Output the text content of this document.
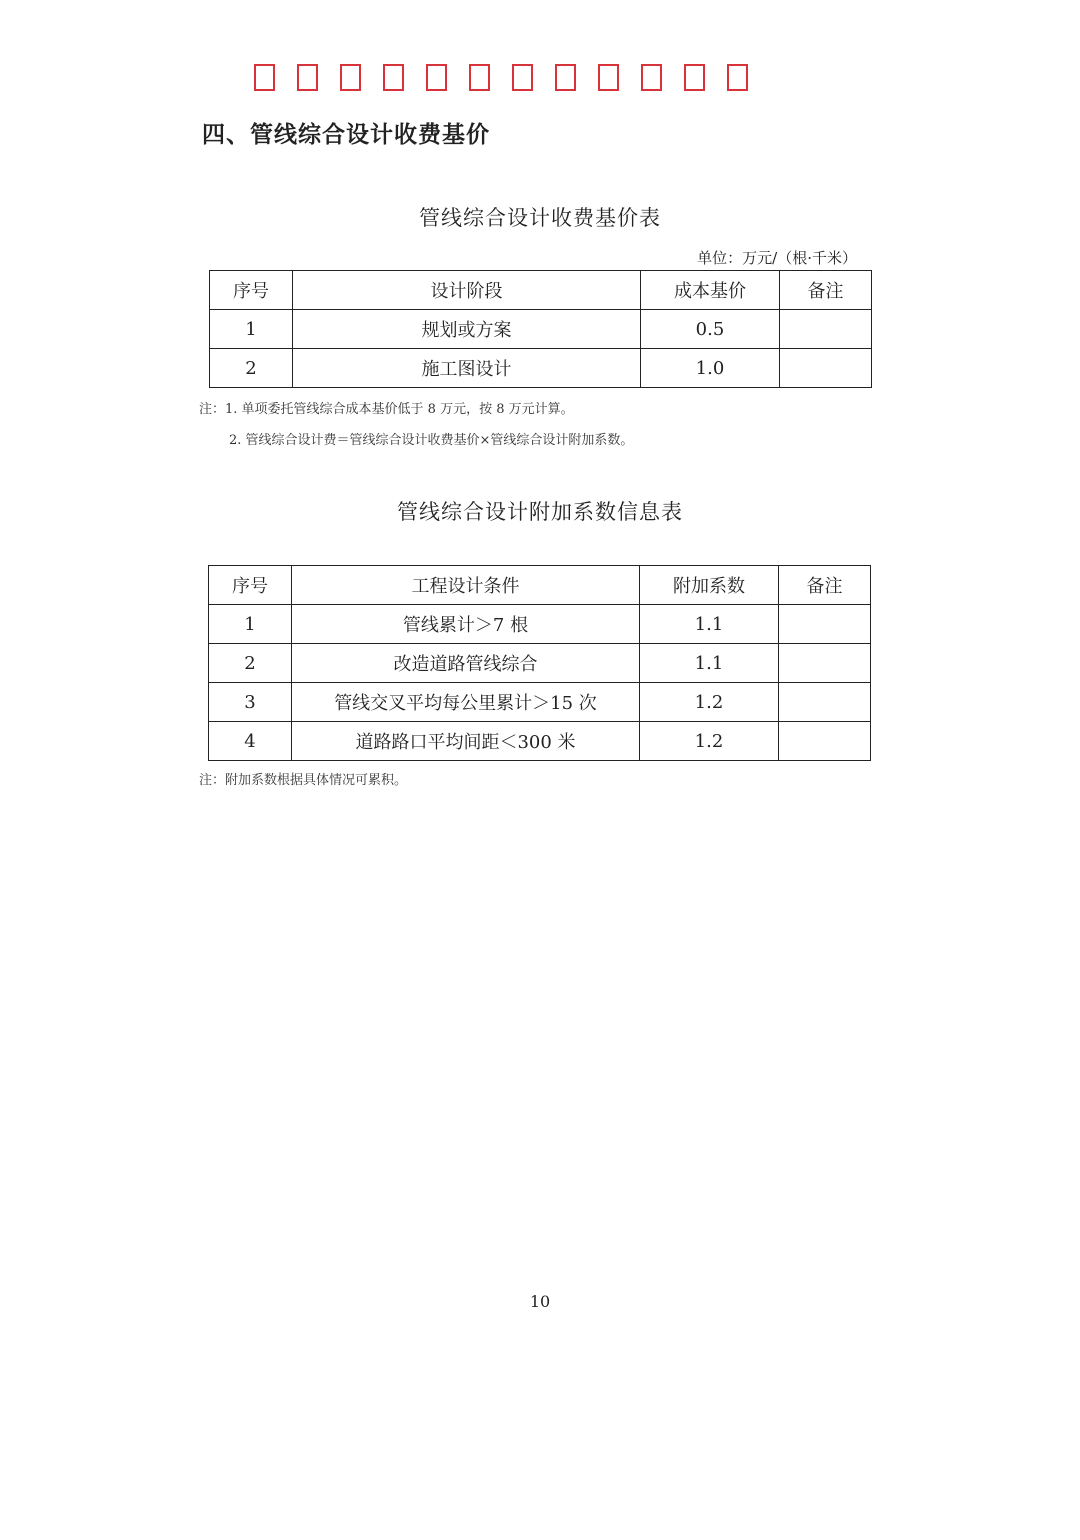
四、管线综合设计收费基价
管线综合设计收费基价表
单位：万元/（根·千米）
序号	设计阶段	成本基价	备注
1	规划或方案	0.5	
2	施工图设计	1.0	
注：1. 单项委托管线综合成本基价低于 8 万元，按 8 万元计算。
2. 管线综合设计费＝管线综合设计收费基价×管线综合设计附加系数。
管线综合设计附加系数信息表
序号	工程设计条件	附加系数	备注
1	管线累计＞7 根	1.1	
2	改造道路管线综合	1.1	
3	管线交叉平均每公里累计＞15 次	1.2	
4	道路路口平均间距＜300 米	1.2	
注：附加系数根据具体情况可累积。
10
